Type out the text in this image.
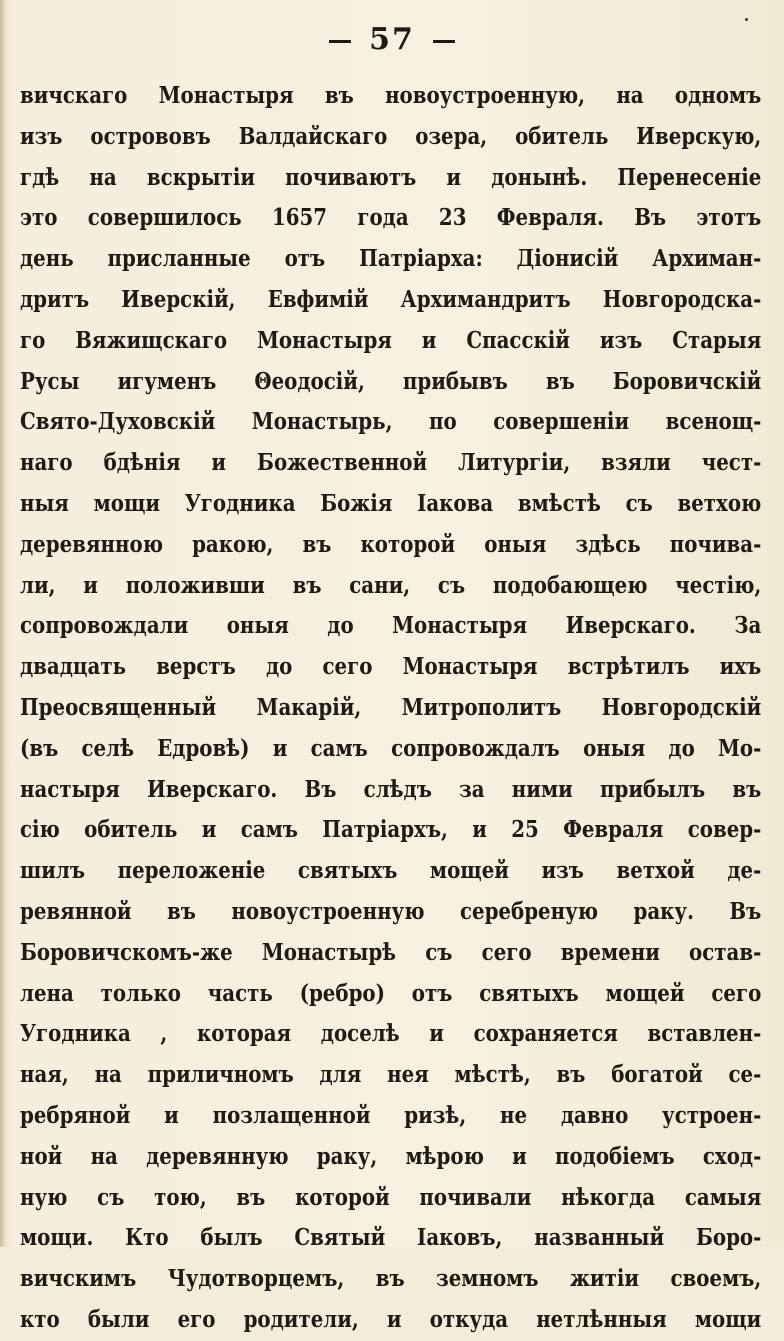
57
вичскаго Монастыря въ новоустроенную, на одномъ
изъ острововъ Валдайскаго озера, обитель Иверскую,
гдѣ на вскрытіи почиваютъ и донынѣ. Перенесеніе
это совершилось 1657 года 23 Февраля. Въ этотъ
день присланные отъ Патріарха: Діонисій Архиман-
дритъ Иверскій, Евфимій Архимандритъ Новгородска-
го Вяжищскаго Монастыря и Спасскій изъ Старыя
Русы игуменъ Θеодосій, прибывъ въ Боровичскій
Свято-Духовскій Монастырь, по совершеніи всенощ-
наго бдѣнія и Божественной Литургіи, взяли чест-
ныя мощи Угодника Божія Іакова вмѣстѣ съ ветхою
деревянною ракою, въ которой оныя здѣсь почива-
ли, и положивши въ сани, съ подобающею честію,
сопровождали оныя до Монастыря Иверскаго. За
двадцать верстъ до сего Монастыря встрѣтилъ ихъ
Преосвященный Макарій, Митрополитъ Новгородскій
(въ селѣ Едровѣ) и самъ сопровождалъ оныя до Мо-
настыря Иверскаго. Въ слѣдъ за ними прибылъ въ
сію обитель и самъ Патріархъ, и 25 Февраля совер-
шилъ переложеніе святыхъ мощей изъ ветхой де-
ревянной въ новоустроенную серебреную раку. Въ
Боровичскомъ-же Монастырѣ съ сего времени остав-
лена только часть (ребро) отъ святыхъ мощей сего
Угодника , которая доселѣ и сохраняется вставлен-
ная, на приличномъ для нея мѣстѣ, въ богатой се-
ребряной и позлащенной ризѣ, не давно устроен-
ной на деревянную раку, мѣрою и подобіемъ сход-
ную съ тою, въ которой почивали нѣкогда самыя
мощи. Кто былъ Святый Іаковъ, названный Боро-
вичскимъ Чудотворцемъ, въ земномъ житіи своемъ,
кто были его родители, и откуда нетлѣнныя мощи
